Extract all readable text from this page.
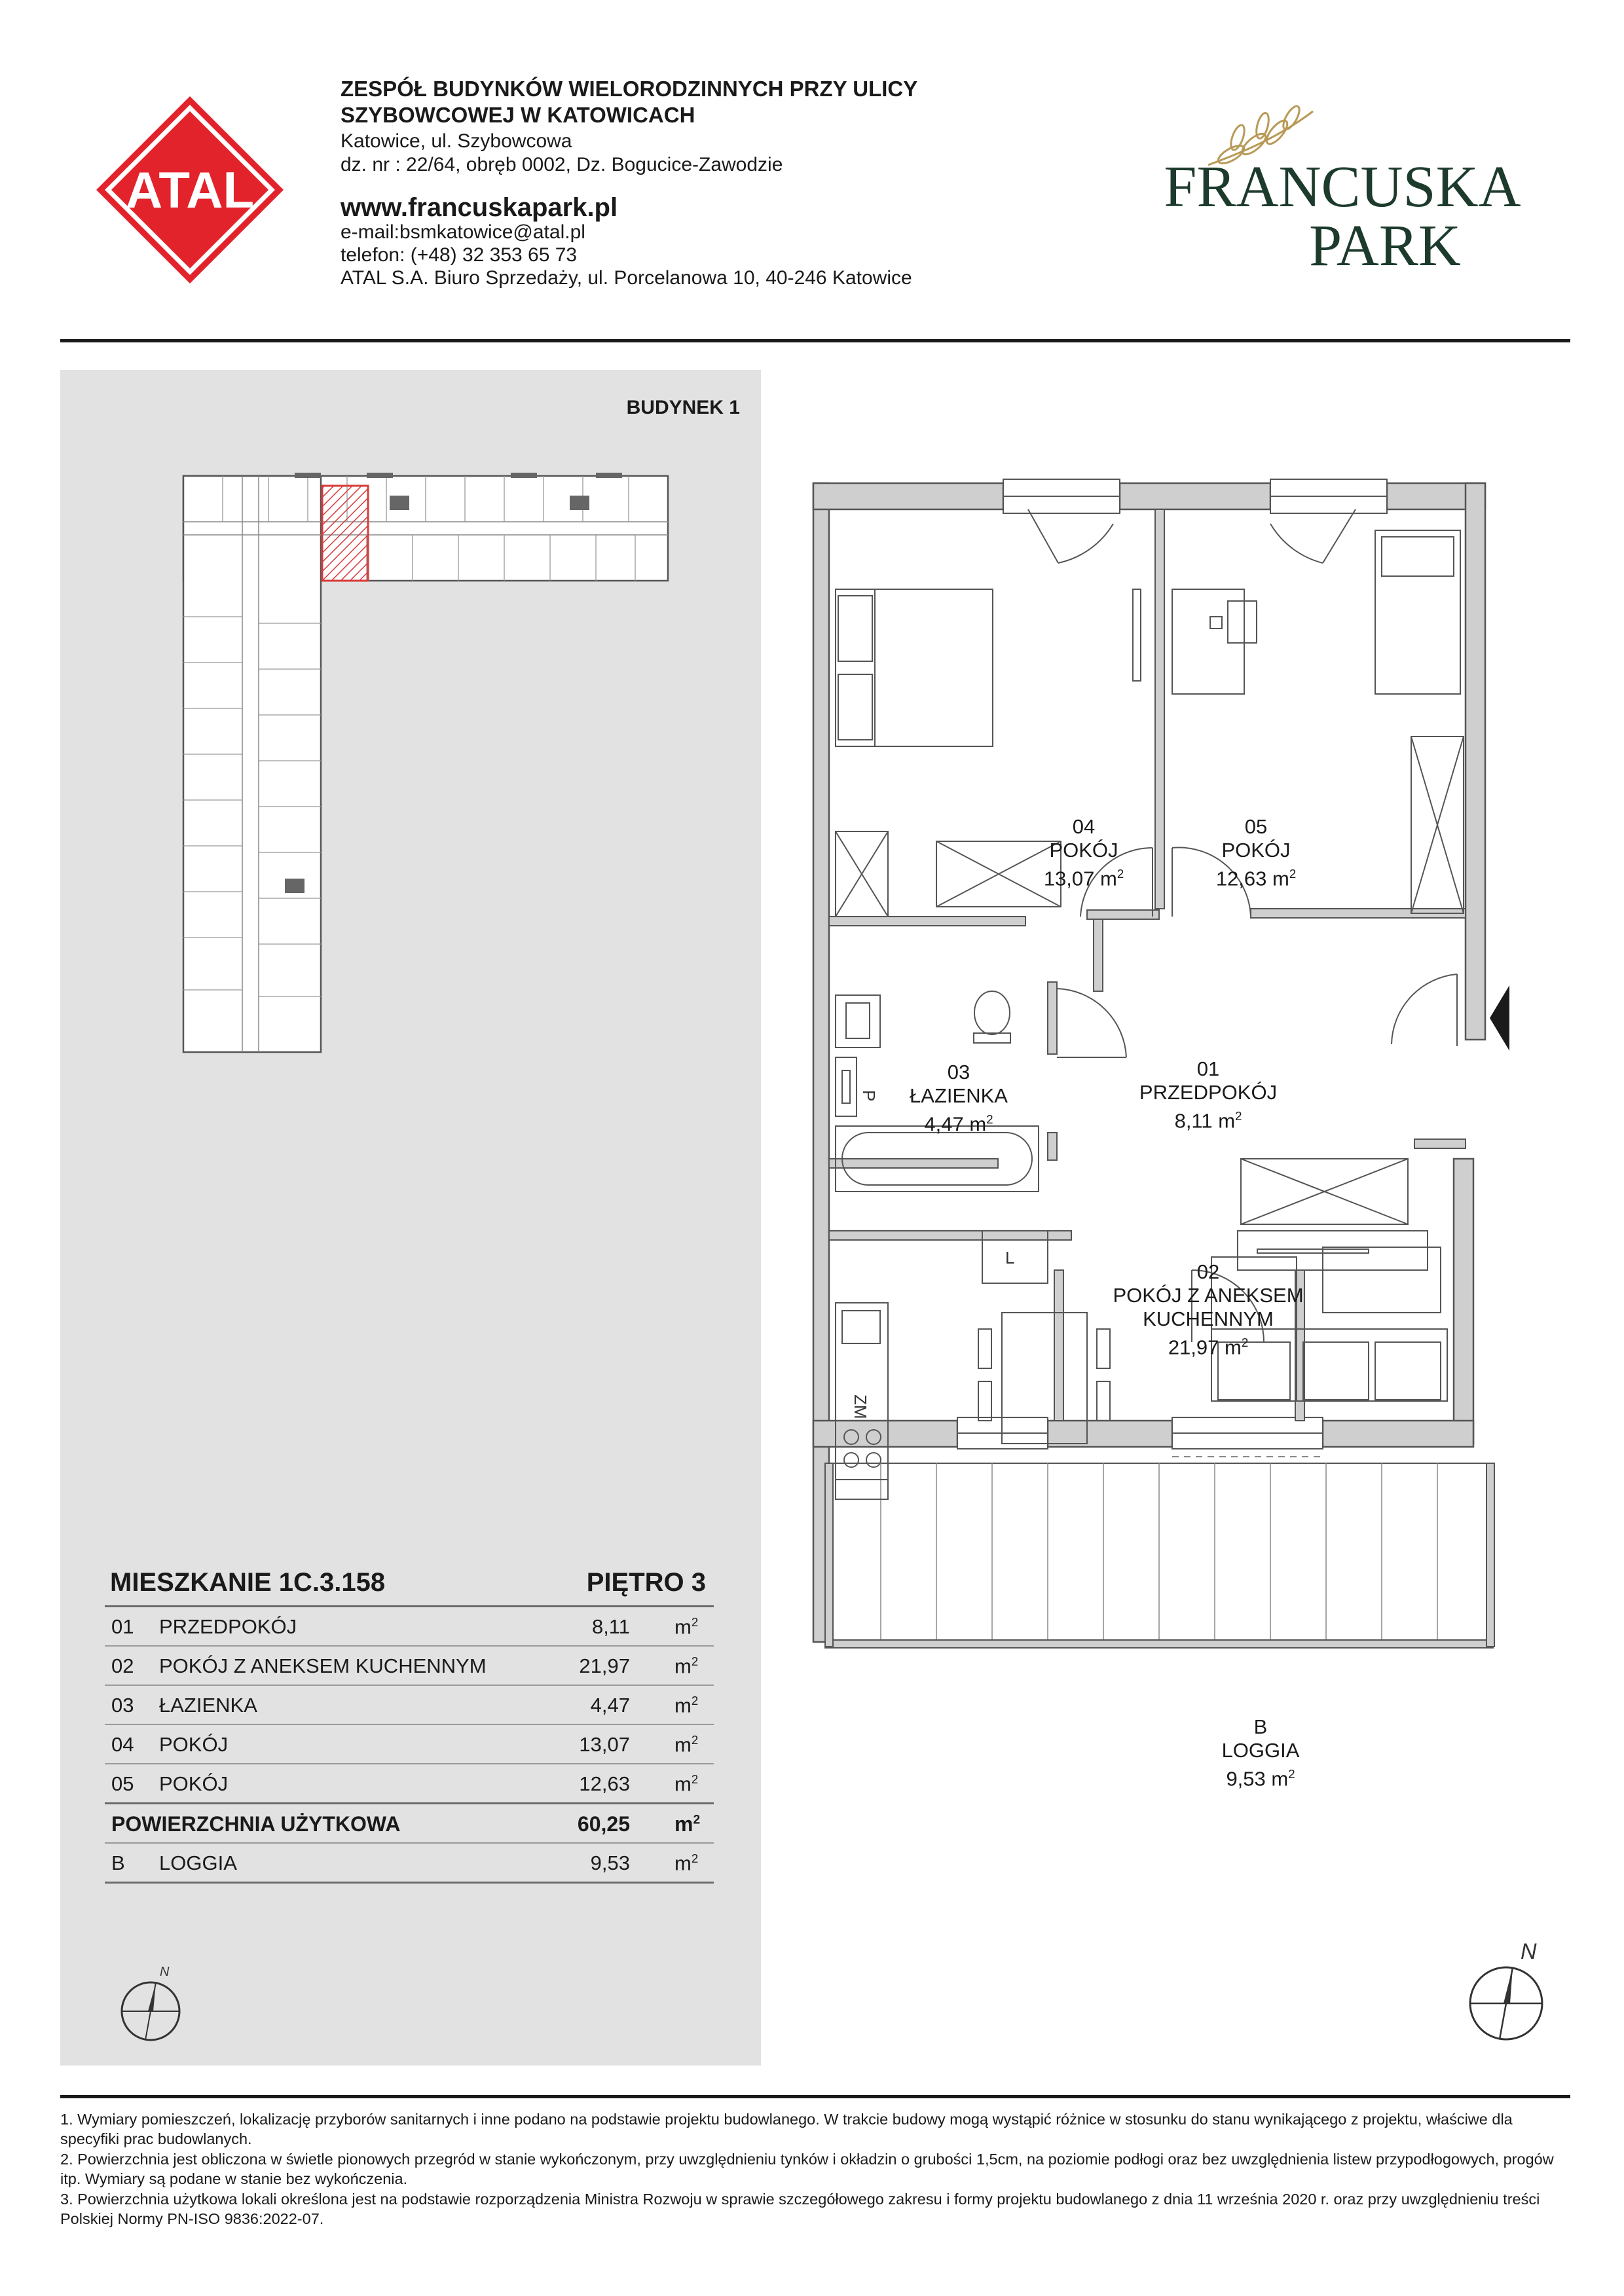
ATAL
ZESPÓŁ BUDYNKÓW WIELORODZINNYCH PRZY ULICY SZYBOWCOWEJ W KATOWICACH
Katowice, ul. Szybowcowa
dz. nr : 22/64, obręb 0002, Dz. Bogucice-Zawodzie
www.francuskapark.pl
e-mail:bsmkatowice@atal.pl
telefon: (+48) 32 353 65 73
ATAL S.A. Biuro Sprzedaży, ul. Porcelanowa 10, 40-246 Katowice
FRANCUSKA
PARK
BUDYNEK 1
MIESZKANIE 1C.3.158	PIĘTRO 3
01 PRZEDPOKÓJ	8,11 $m^2$
02 POKÓJ Z ANEKSEM KUCHENNYM	21,97 $m^2$
03 ŁAZIENKA	4,47 $m^2$
04 POKÓJ	13,07 $m^2$
05 POKÓJ	12,63 $m^2$
POWIERZCHNIA UŻYTKOWA	60,25 $m^2$
B LOGGIA	9,53 $m^2$
N
P
L
ZM
04
POKÓJ
13,07 $m^2$
05
POKÓJ
12,63 $m^2$
03
ŁAZIENKA
4,47 $m^2$
01
PRZEDPOKÓJ
8,11 $m^2$
02
POKÓJ Z ANEKSEM
KUCHENNYM
21,97 $m^2$
B
LOGGIA
9,53 $m^2$
N

1. Wymiary pomieszczeń, lokalizację przyborów sanitarnych i inne podano na podstawie projektu budowlanego. W trakcie budowy mogą wystąpić różnice w stosunku do stanu wynikającego z projektu, właściwe dla specyfiki prac budowlanych.

2. Powierzchnia jest obliczona w świetle pionowych przegród w stanie wykończonym, przy uwzględnieniu tynków i okładzin o grubości 1,5cm, na poziomie podłogi oraz bez uwzględnienia listew przypodłogowych, progów itp. Wymiary są podane w stanie bez wykończenia.

3. Powierzchnia użytkowa lokali określona jest na podstawie rozporządzenia Ministra Rozwoju w sprawie szczegółowego zakresu i formy projektu budowlanego z dnia 11 września 2020 r. oraz przy uwzględnieniu treści Polskiej Normy PN-ISO 9836:2022-07.
